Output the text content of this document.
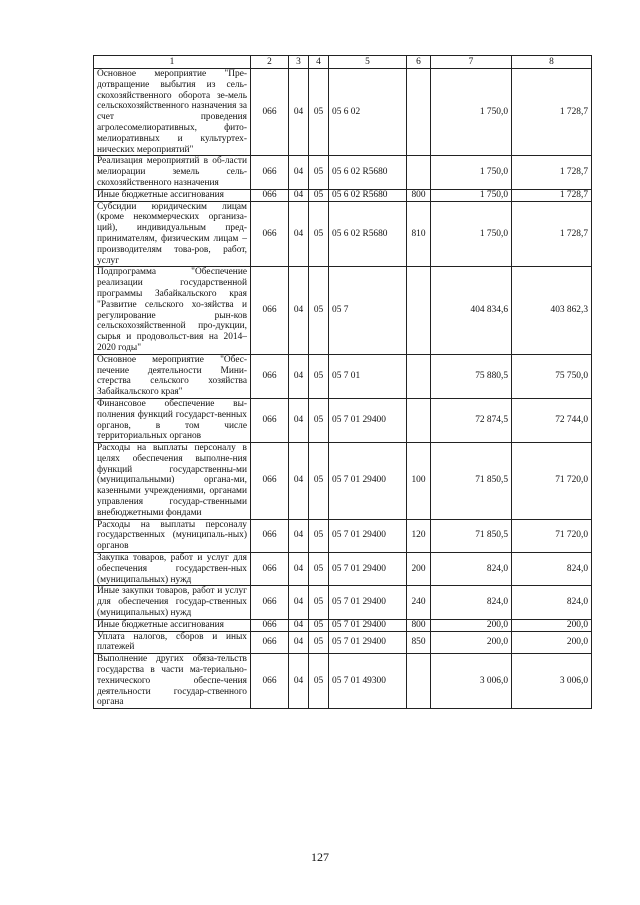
1	2	3	4	5	6	7	8
Основное мероприятие "Пре-дотвращение выбытия из сель-скохозяйственного оборота зе-мель сельскохозяйственного назначения за счет проведения агролесомелиоративных, фито-мелиоративных и культуртех-нических мероприятий"	066	04	05	05 6 02		1 750,0	1 728,7
Реализация мероприятий в об-ласти мелиорации земель сель-скохозяйственного назначения	066	04	05	05 6 02 R5680		1 750,0	1 728,7
Иные бюджетные ассигнования	066	04	05	05 6 02 R5680	800	1 750,0	1 728,7
Субсидии юридическим лицам (кроме некоммерческих организа-ций), индивидуальным пред-принимателям, физическим лицам – производителям това-ров, работ, услуг	066	04	05	05 6 02 R5680	810	1 750,0	1 728,7
Подпрограмма "Обеспечение реализации государственной программы Забайкальского края "Развитие сельского хо-зяйства и регулирование рын-ков сельскохозяйственной про-дукции, сырья и продовольст-вия на 2014–2020 годы"	066	04	05	05 7		404 834,6	403 862,3
Основное мероприятие "Обес-печение деятельности Мини-стерства сельского хозяйства Забайкальского края"	066	04	05	05 7 01		75 880,5	75 750,0
Финансовое обеспечение вы-полнения функций государст-венных органов, в том числе территориальных органов	066	04	05	05 7 01 29400		72 874,5	72 744,0
Расходы на выплаты персоналу в целях обеспечения выполне-ния функций государственны-ми (муниципальными) органа-ми, казенными учреждениями, органами управления государ-ственными внебюджетными фондами	066	04	05	05 7 01 29400	100	71 850,5	71 720,0
Расходы на выплаты персоналу государственных (муниципаль-ных) органов	066	04	05	05 7 01 29400	120	71 850,5	71 720,0
Закупка товаров, работ и услуг для обеспечения государствен-ных (муниципальных) нужд	066	04	05	05 7 01 29400	200	824,0	824,0
Иные закупки товаров, работ и услуг для обеспечения государ-ственных (муниципальных) нужд	066	04	05	05 7 01 29400	240	824,0	824,0
Иные бюджетные ассигнования	066	04	05	05 7 01 29400	800	200,0	200,0
Уплата налогов, сборов и иных платежей	066	04	05	05 7 01 29400	850	200,0	200,0
Выполнение других обяза-тельств государства в части ма-териально-технического обеспе-чения деятельности государ-ственного органа	066	04	05	05 7 01 49300		3 006,0	3 006,0
127
